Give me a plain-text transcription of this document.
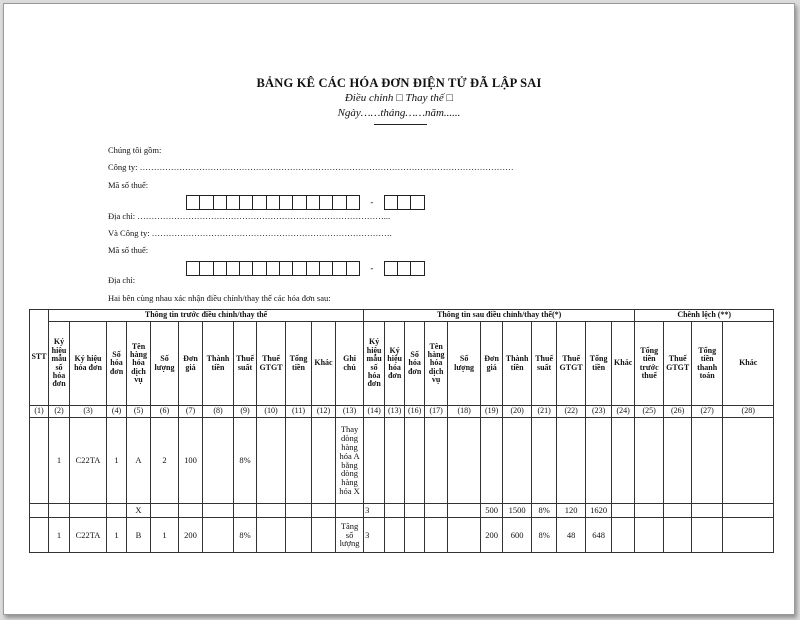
BẢNG KÊ CÁC HÓA ĐƠN ĐIỆN TỬ ĐÃ LẬP SAI
Điều chỉnh □ Thay thế □
Ngày……tháng……năm......
Chúng tôi gồm:
Công ty: ……………………………………………………………………………………………………………………
Mã số thuế:
-
Địa chỉ: ……………………………………………………………………………...
Và Công ty: ………………………………………………………………………….
Mã số thuế:
-
Địa chỉ:
Hai bên cùng nhau xác nhận điều chỉnh/thay thế các hóa đơn sau:
STT	Thông tin trước điều chỉnh/thay thế												Thông tin sau điều chỉnh/thay thế(*)											Chênh lệch (**)			
	Ký hiệu mẫu số hóa đơn	Ký hiệu hóa đơn	Số hóa đơn	Tên hàng hóa dịch vụ	Số lượng	Đơn giá	Thành tiền	Thuế suất	Thuế GTGT	Tổng tiền	Khác	Ghi chú	Ký hiệu mẫu số hóa đơn	Ký hiệu hóa đơn	Số hóa đơn	Tên hàng hóa dịch vụ	Số lượng	Đơn giá	Thành tiền	Thuế suất	Thuế GTGT	Tổng tiền	Khác	Tổng tiền trước thuế	Thuế GTGT	Tổng tiền thanh toán	Khác
(1)	(2)	(3)	(4)	(5)	(6)	(7)	(8)	(9)	(10)	(11)	(12)	(13)	(14)	(13)	(16)	(17)	(18)	(19)	(20)	(21)	(22)	(23)	(24)	(25)	(26)	(27)	(28)
	1	C22TA	1	A	2	100		8%				Thay dòng hàng hóa A bằng dòng hàng hóa X															
				X									3					500	1500	8%	120	1620					
	1	C22TA	1	B	1	200		8%				Tăng số lượng	3					200	600	8%	48	648					
